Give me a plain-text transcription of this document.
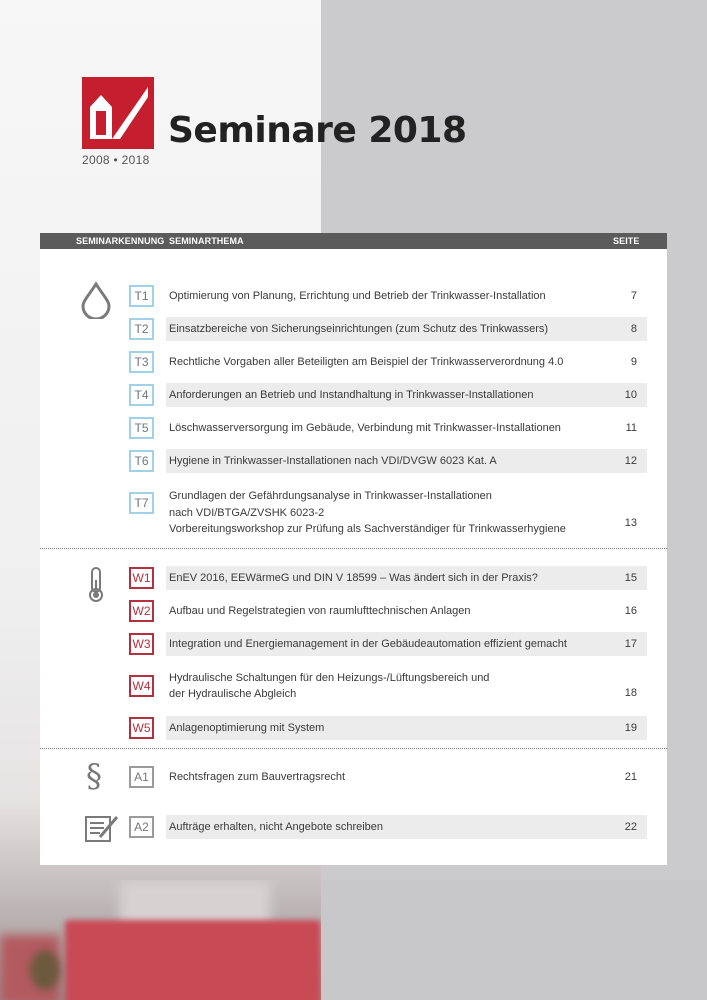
2008 • 2018
Seminare 2018
SEMINARKENNUNG SEMINARTHEMA	SEITE
§
T1	Optimierung von Planung, Errichtung und Betrieb der Trinkwasser-Installation	7
T2	Einsatzbereiche von Sicherungseinrichtungen (zum Schutz des Trinkwassers)	8
T3	Rechtliche Vorgaben aller Beteiligten am Beispiel der Trinkwasserverordnung 4.0	9
T4	Anforderungen an Betrieb und Instandhaltung in Trinkwasser-Installationen	10
T5	Löschwasserversorgung im Gebäude, Verbindung mit Trinkwasser-Installationen	11
T6	Hygiene in Trinkwasser-Installationen nach VDI/DVGW 6023 Kat. A	12
T7	Grundlagen der Gefährdungsanalyse in Trinkwasser-Installationen
nach VDI/BTGA/ZVSHK 6023-2
Vorbereitungsworkshop zur Prüfung als Sachverständiger für Trinkwasserhygiene	13
W1	EnEV 2016, EEWärmeG und DIN V 18599 – Was ändert sich in der Praxis?	15
W2	Aufbau und Regelstrategien von raumlufttechnischen Anlagen	16
W3	Integration und Energiemanagement in der Gebäudeautomation effizient gemacht	17
W4
Hydraulische Schaltungen für den Heizungs-/Lüftungsbereich und
der Hydraulische Abgleich	18
W5	Anlagenoptimierung mit System	19
A1	Rechtsfragen zum Bauvertragsrecht	21
A2	Aufträge erhalten, nicht Angebote schreiben	22
